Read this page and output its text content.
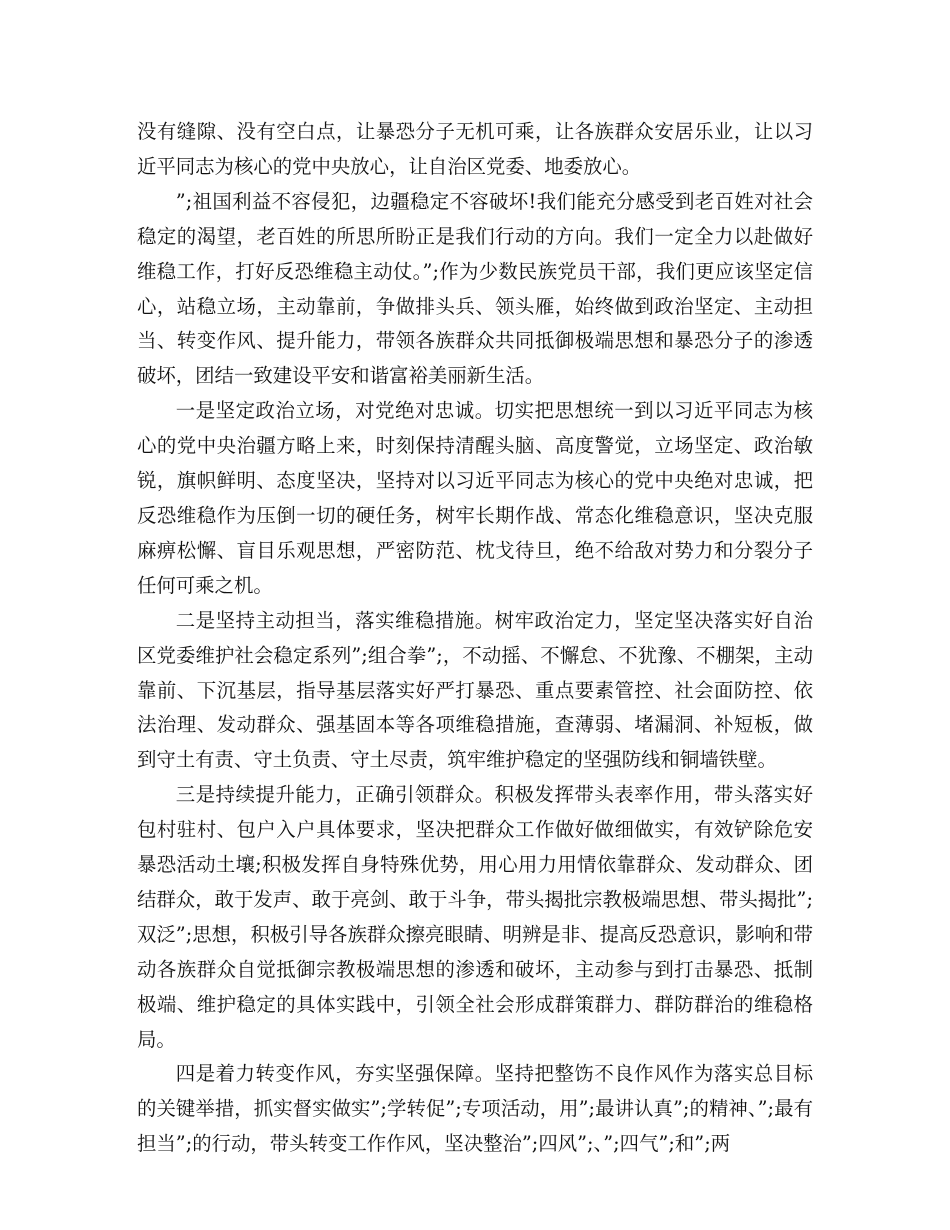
没有缝隙、没有空白点，让暴恐分子无机可乘，让各族群众安居乐业，让以习近平同志为核心的党中央放心，让自治区党委、地委放心。

”;祖国利益不容侵犯，边疆稳定不容破坏!我们能充分感受到老百姓对社会稳定的渴望，老百姓的所思所盼正是我们行动的方向。我们一定全力以赴做好维稳工作，打好反恐维稳主动仗。”;作为少数民族党员干部，我们更应该坚定信心，站稳立场，主动靠前，争做排头兵、领头雁，始终做到政治坚定、主动担当、转变作风、提升能力，带领各族群众共同抵御极端思想和暴恐分子的渗透破坏，团结一致建设平安和谐富裕美丽新生活。

一是坚定政治立场，对党绝对忠诚。切实把思想统一到以习近平同志为核心的党中央治疆方略上来，时刻保持清醒头脑、高度警觉，立场坚定、政治敏锐，旗帜鲜明、态度坚决，坚持对以习近平同志为核心的党中央绝对忠诚，把反恐维稳作为压倒一切的硬任务，树牢长期作战、常态化维稳意识，坚决克服麻痹松懈、盲目乐观思想，严密防范、枕戈待旦，绝不给敌对势力和分裂分子任何可乘之机。

二是坚持主动担当，落实维稳措施。树牢政治定力，坚定坚决落实好自治区党委维护社会稳定系列”;组合拳”;，不动摇、不懈怠、不犹豫、不棚架，主动靠前、下沉基层，指导基层落实好严打暴恐、重点要素管控、社会面防控、依法治理、发动群众、强基固本等各项维稳措施，查薄弱、堵漏洞、补短板，做到守土有责、守土负责、守土尽责，筑牢维护稳定的坚强防线和铜墙铁壁。

三是持续提升能力，正确引领群众。积极发挥带头表率作用，带头落实好包村驻村、包户入户具体要求，坚决把群众工作做好做细做实，有效铲除危安暴恐活动土壤;积极发挥自身特殊优势，用心用力用情依靠群众、发动群众、团结群众，敢于发声、敢于亮剑、敢于斗争，带头揭批宗教极端思想、带头揭批”;双泛”;思想，积极引导各族群众擦亮眼睛、明辨是非、提高反恐意识，影响和带动各族群众自觉抵御宗教极端思想的渗透和破坏，主动参与到打击暴恐、抵制极端、维护稳定的具体实践中，引领全社会形成群策群力、群防群治的维稳格局。

四是着力转变作风，夯实坚强保障。坚持把整饬不良作风作为落实总目标的关键举措，抓实督实做实”;学转促”;专项活动，用”;最讲认真”;的精神、”;最有担当”;的行动，带头转变工作作风，坚决整治”;四风”;、”;四气”;和”;两
